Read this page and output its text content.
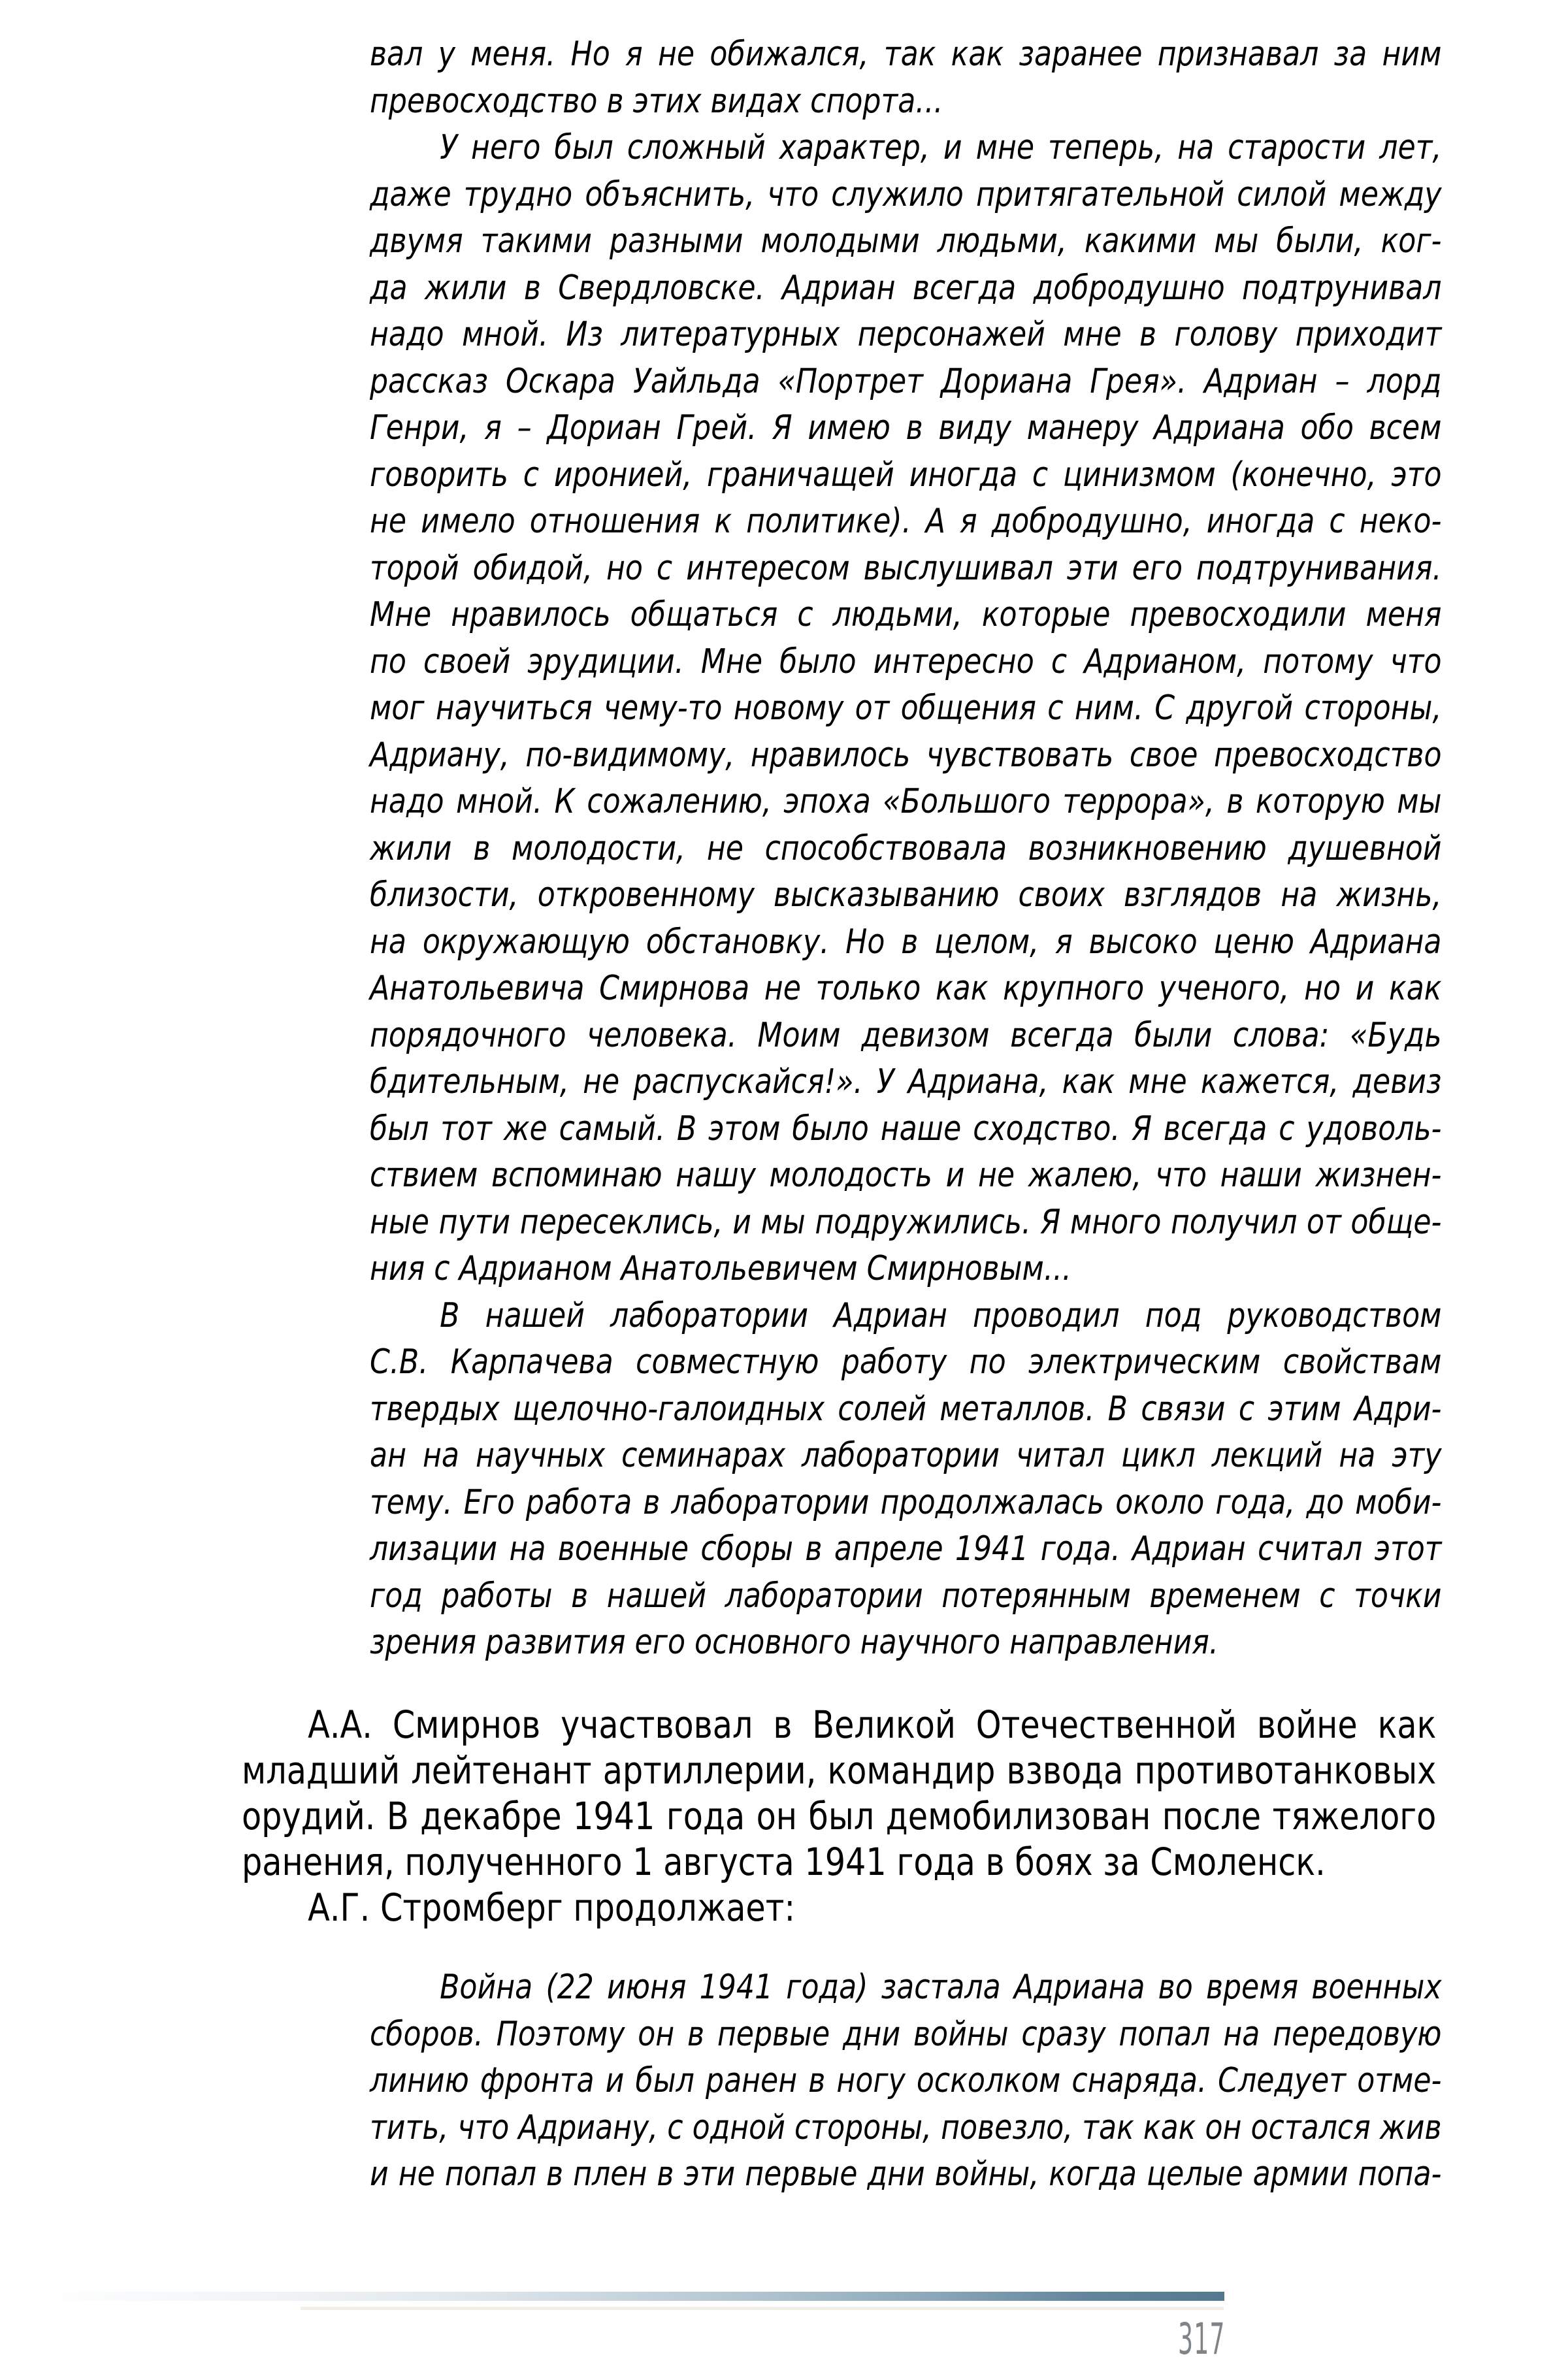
вал у меня. Но я не обижался, так как заранее признавал за ним
превосходство в этих видах спорта...
У него был сложный характер, и мне теперь, на старости лет,
даже трудно объяснить, что служило притягательной силой между
двумя такими разными молодыми людьми, какими мы были, ког-
да жили в Свердловске. Адриан всегда добродушно подтрунивал
надо мной. Из литературных персонажей мне в голову приходит
рассказ Оскара Уайльда «Портрет Дориана Грея». Адриан – лорд
Генри, я – Дориан Грей. Я имею в виду манеру Адриана обо всем
говорить с иронией, граничащей иногда с цинизмом (конечно, это
не имело отношения к политике). А я добродушно, иногда с неко-
торой обидой, но с интересом выслушивал эти его подтрунивания.
Мне нравилось общаться с людьми, которые превосходили меня
по своей эрудиции. Мне было интересно с Адрианом, потому что
мог научиться чему-то новому от общения с ним. С другой стороны,
Адриану, по-видимому, нравилось чувствовать свое превосходство
надо мной. К сожалению, эпоха «Большого террора», в которую мы
жили в молодости, не способствовала возникновению душевной
близости, откровенному высказыванию своих взглядов на жизнь,
на окружающую обстановку. Но в целом, я высоко ценю Адриана
Анатольевича Смирнова не только как крупного ученого, но и как
порядочного человека. Моим девизом всегда были слова: «Будь
бдительным, не распускайся!». У Адриана, как мне кажется, девиз
был тот же самый. В этом было наше сходство. Я всегда с удоволь-
ствием вспоминаю нашу молодость и не жалею, что наши жизнен-
ные пути пересеклись, и мы подружились. Я много получил от обще-
ния с Адрианом Анатольевичем Смирновым...
В нашей лаборатории Адриан проводил под руководством
С.В. Карпачева совместную работу по электрическим свойствам
твердых щелочно-галоидных солей металлов. В связи с этим Адри-
ан на научных семинарах лаборатории читал цикл лекций на эту
тему. Его работа в лаборатории продолжалась около года, до моби-
лизации на военные сборы в апреле 1941 года. Адриан считал этот
год работы в нашей лаборатории потерянным временем с точки
зрения развития его основного научного направления.
А.А. Смирнов участвовал в Великой Отечественной войне как
младший лейтенант артиллерии, командир взвода противотанковых
орудий. В декабре 1941 года он был демобилизован после тяжелого
ранения, полученного 1 августа 1941 года в боях за Смоленск.
А.Г. Стромберг продолжает:
Война (22 июня 1941 года) застала Адриана во время военных
сборов. Поэтому он в первые дни войны сразу попал на передовую
линию фронта и был ранен в ногу осколком снаряда. Следует отме-
тить, что Адриану, с одной стороны, повезло, так как он остался жив
и не попал в плен в эти первые дни войны, когда целые армии попа-
317
